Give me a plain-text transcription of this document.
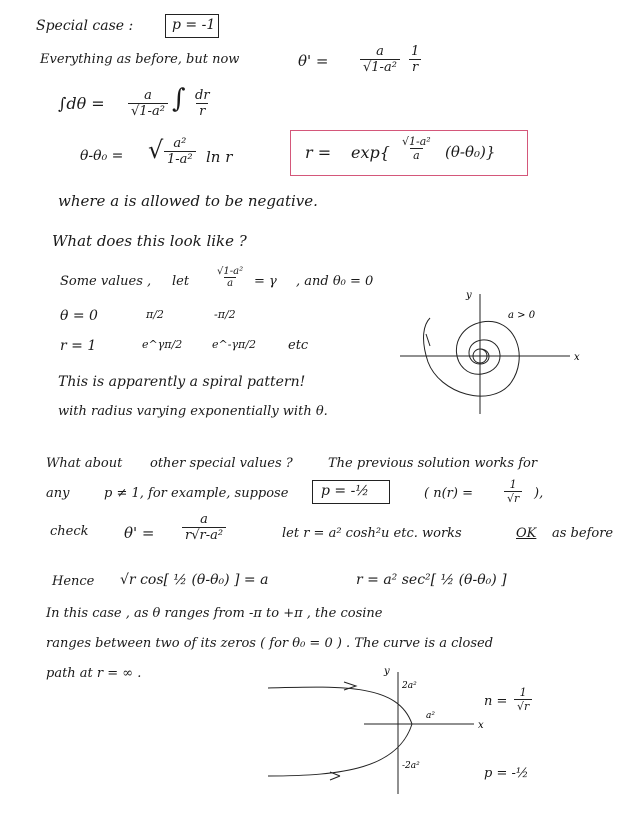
Special case :	p = -1
Everything as before, but now	$\theta' = \frac{a}{\text{√1-a²}} \frac{1}{r}$
$\int d\theta = \frac{a}{\text{√1-a²}}$ ∫ $\frac{dr}{r}$
θ-θ₀ = √ $\frac{\text{a²}}{\text{1-a²}}$ ln r	$r = \exp\{ \frac{\text{√1-a²}}{a} (\theta-\theta_0)\}$
where a is allowed to be negative.
What does this look like ?
Some values , let $\frac{\text{√1-a²}}{a} = \gamma$ , and θ₀ = 0
θ = 0	π/2	-π/2
r = 1	e^γπ/2	e^-γπ/2 etc
This is apparently a spiral pattern!
with radius varying exponentially with θ.
y
x
a > 0
What about other special values ?	The previous solution works for
any	p ≠ 1, for example, suppose p = -½	( n(r) =	$\frac{1}{√r}$ ),
check $\theta' = \frac{a}{\text{r√r-a²}}$	let r = a² cosh²u etc. works	OK as before
Hence √r cos[ ½ (θ-θ₀) ] = a	r = a² sec²[ ½ (θ-θ₀) ]
In this case , as θ ranges from -π to +π , the cosine
ranges between two of its zeros ( for θ₀ = 0 ) . The curve is a closed
path at r = ∞ .	y
x
2a²
-2a²
a²
$n = \frac{1}{√r}$
p = -½
